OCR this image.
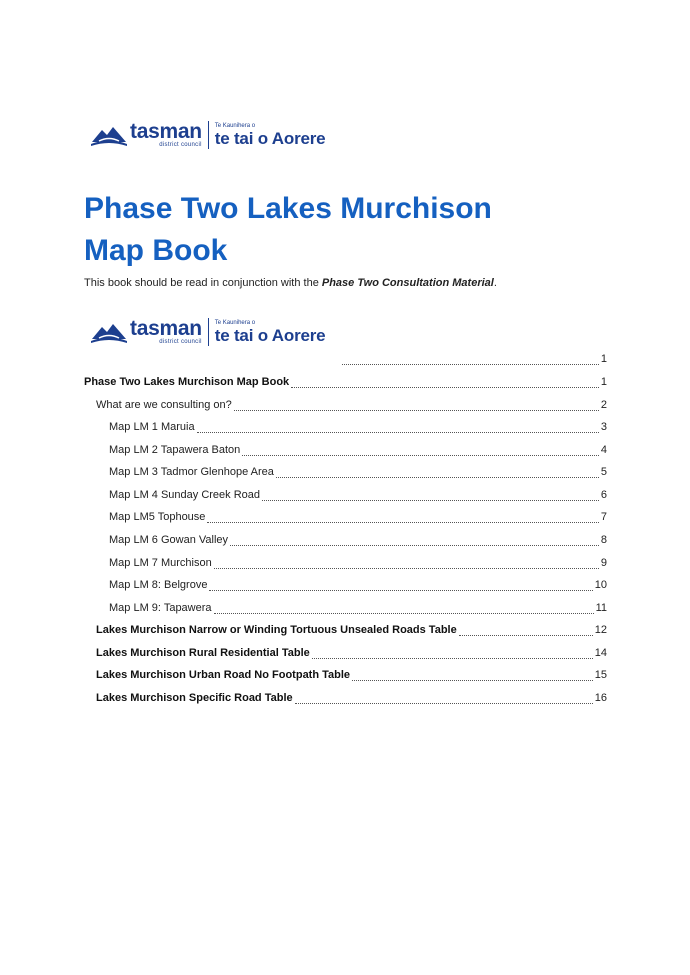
tasman
district council
Te Kaunihera o
te tai o Aorere
Phase Two Lakes Murchison
Map Book
This book should be read in conjunction with the Phase Two Consultation Material.
tasman
district council
Te Kaunihera o
te tai o Aorere
1
Phase Two Lakes Murchison Map Book	1
What are we consulting on?	2
Map LM 1 Maruia	3
Map LM 2 Tapawera Baton	4
Map LM 3 Tadmor Glenhope Area	5
Map LM 4 Sunday Creek Road	6
Map LM5 Tophouse	7
Map LM 6 Gowan Valley	8
Map LM 7 Murchison	9
Map LM 8: Belgrove	10
Map LM 9: Tapawera	11
Lakes Murchison Narrow or Winding Tortuous Unsealed Roads Table	12
Lakes Murchison Rural Residential Table	14
Lakes Murchison Urban Road No Footpath Table	15
Lakes Murchison Specific Road Table	16
